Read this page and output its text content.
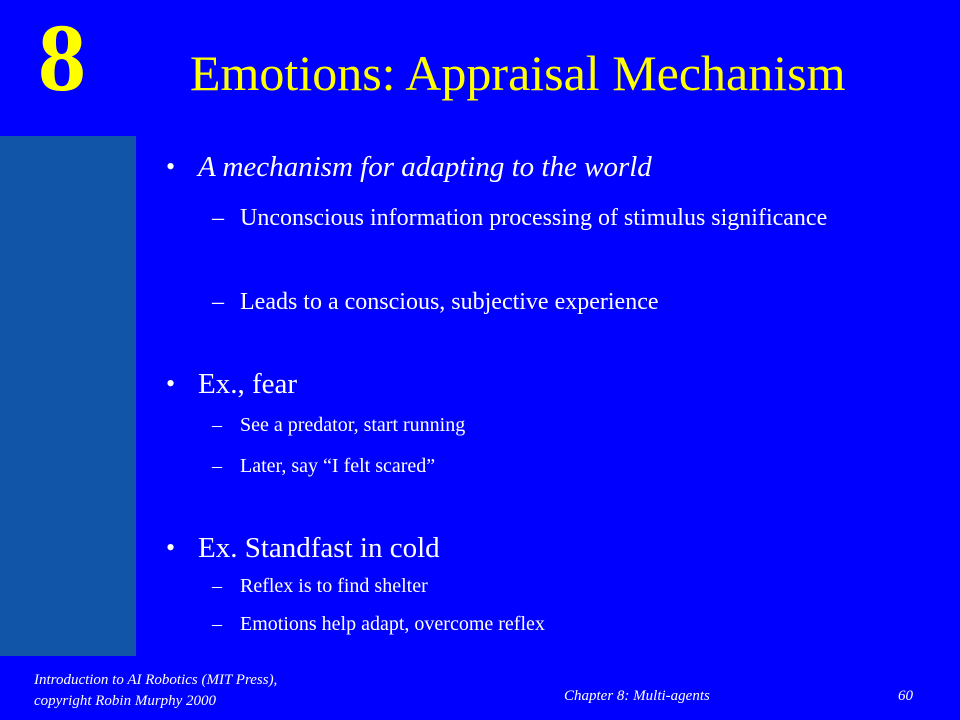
8 Emotions: Appraisal Mechanism
• A mechanism for adapting to the world
– Unconscious information processing of stimulus significance
– Leads to a conscious, subjective experience
• Ex., fear
– See a predator, start running
– Later, say “I felt scared”
• Ex. Standfast in cold
– Reflex is to find shelter
– Emotions help adapt, overcome reflex
Introduction to AI Robotics (MIT Press),
copyright Robin Murphy 2000	Chapter 8: Multi-agents	60
